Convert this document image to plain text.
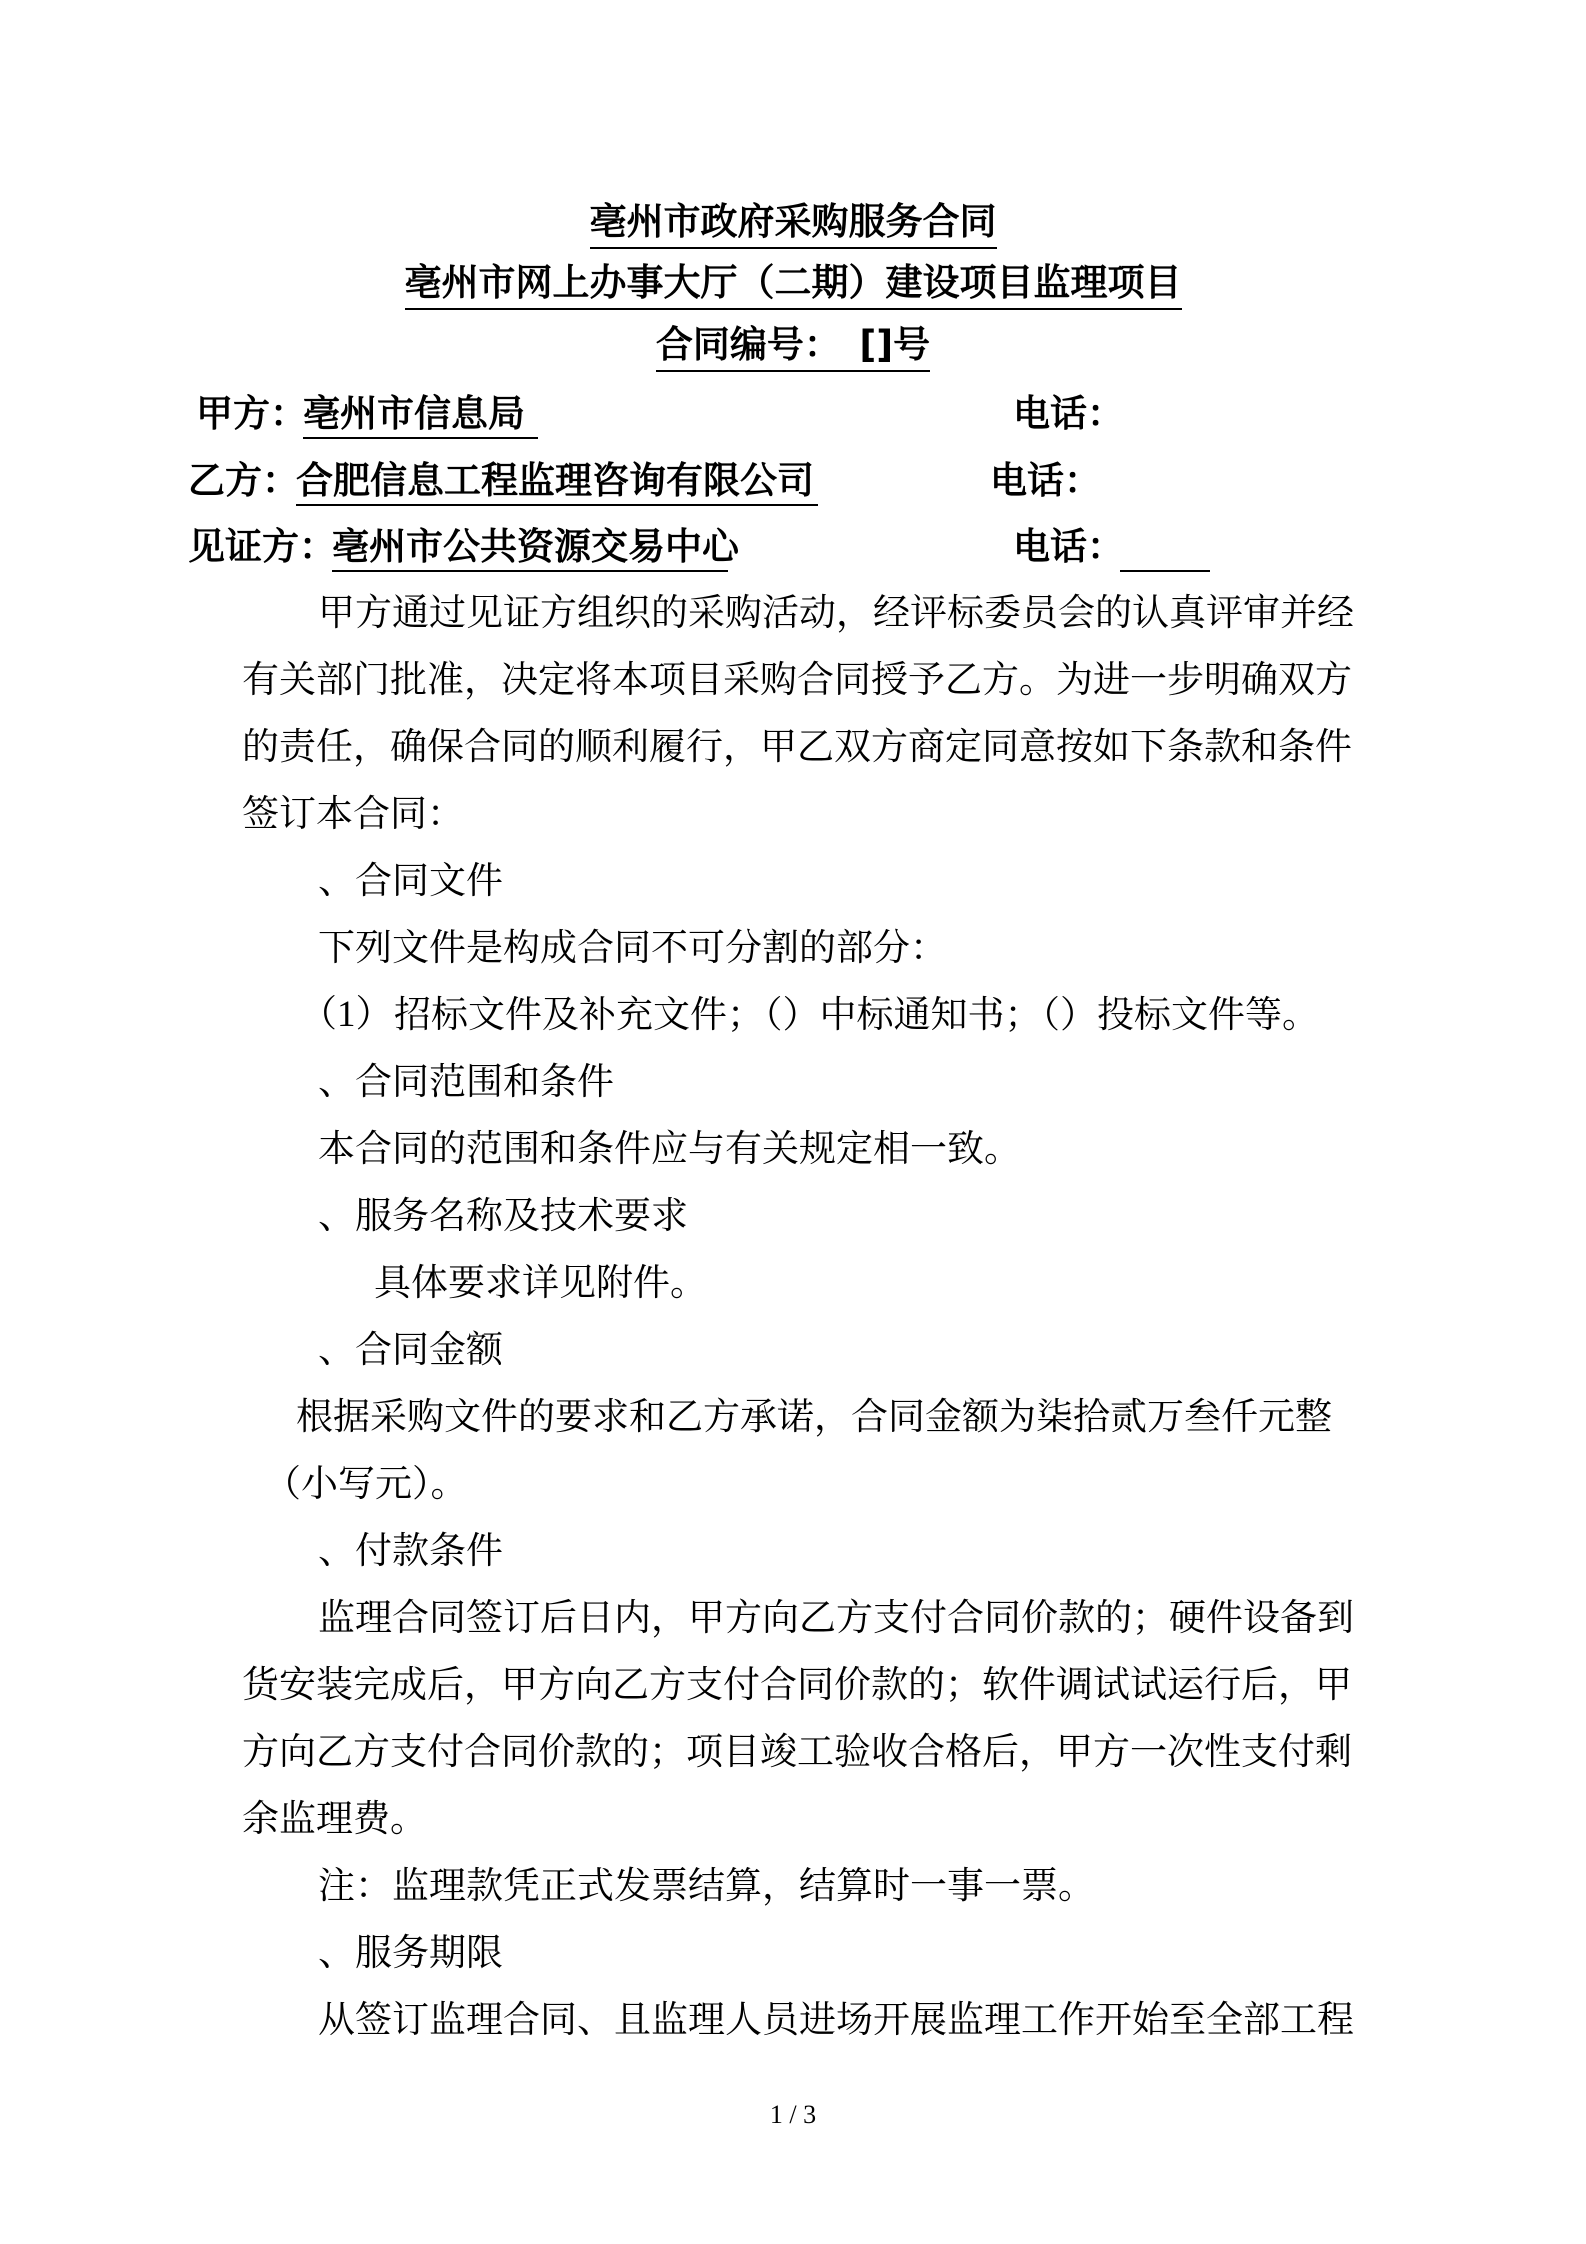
亳州市政府采购服务合同
亳州市网上办事大厅（二期）建设项目监理项目
合同编号：　[]号
甲方：
亳州市信息局	电话：
乙方：
合肥信息工程监理咨询有限公司	电话：
见证方：
亳州市公共资源交易中心	电话：
甲方通过见证方组织的采购活动，经评标委员会的认真评审并经
有关部门批准，决定将本项目采购合同授予乙方。为进一步明确双方
的责任，确保合同的顺利履行，甲乙双方商定同意按如下条款和条件
签订本合同：
、合同文件
下列文件是构成合同不可分割的部分：
（1） 招标文件及补充文件；（）中标通知书；（）投标文件等。
、合同范围和条件
本合同的范围和条件应与有关规定相一致。
、服务名称及技术要求
具体要求详见附件。
、合同金额
根据采购文件的要求和乙方承诺，合同金额为柒拾贰万叁仟元整
（小写元）。
、付款条件
监理合同签订后日内，甲方向乙方支付合同价款的；硬件设备到
货安装完成后，甲方向乙方支付合同价款的；软件调试试运行后，甲
方向乙方支付合同价款的；项目竣工验收合格后，甲方一次性支付剩
余监理费。
注：监理款凭正式发票结算，结算时一事一票。
、服务期限
从签订监理合同、且监理人员进场开展监理工作开始至全部工程
1 / 3
